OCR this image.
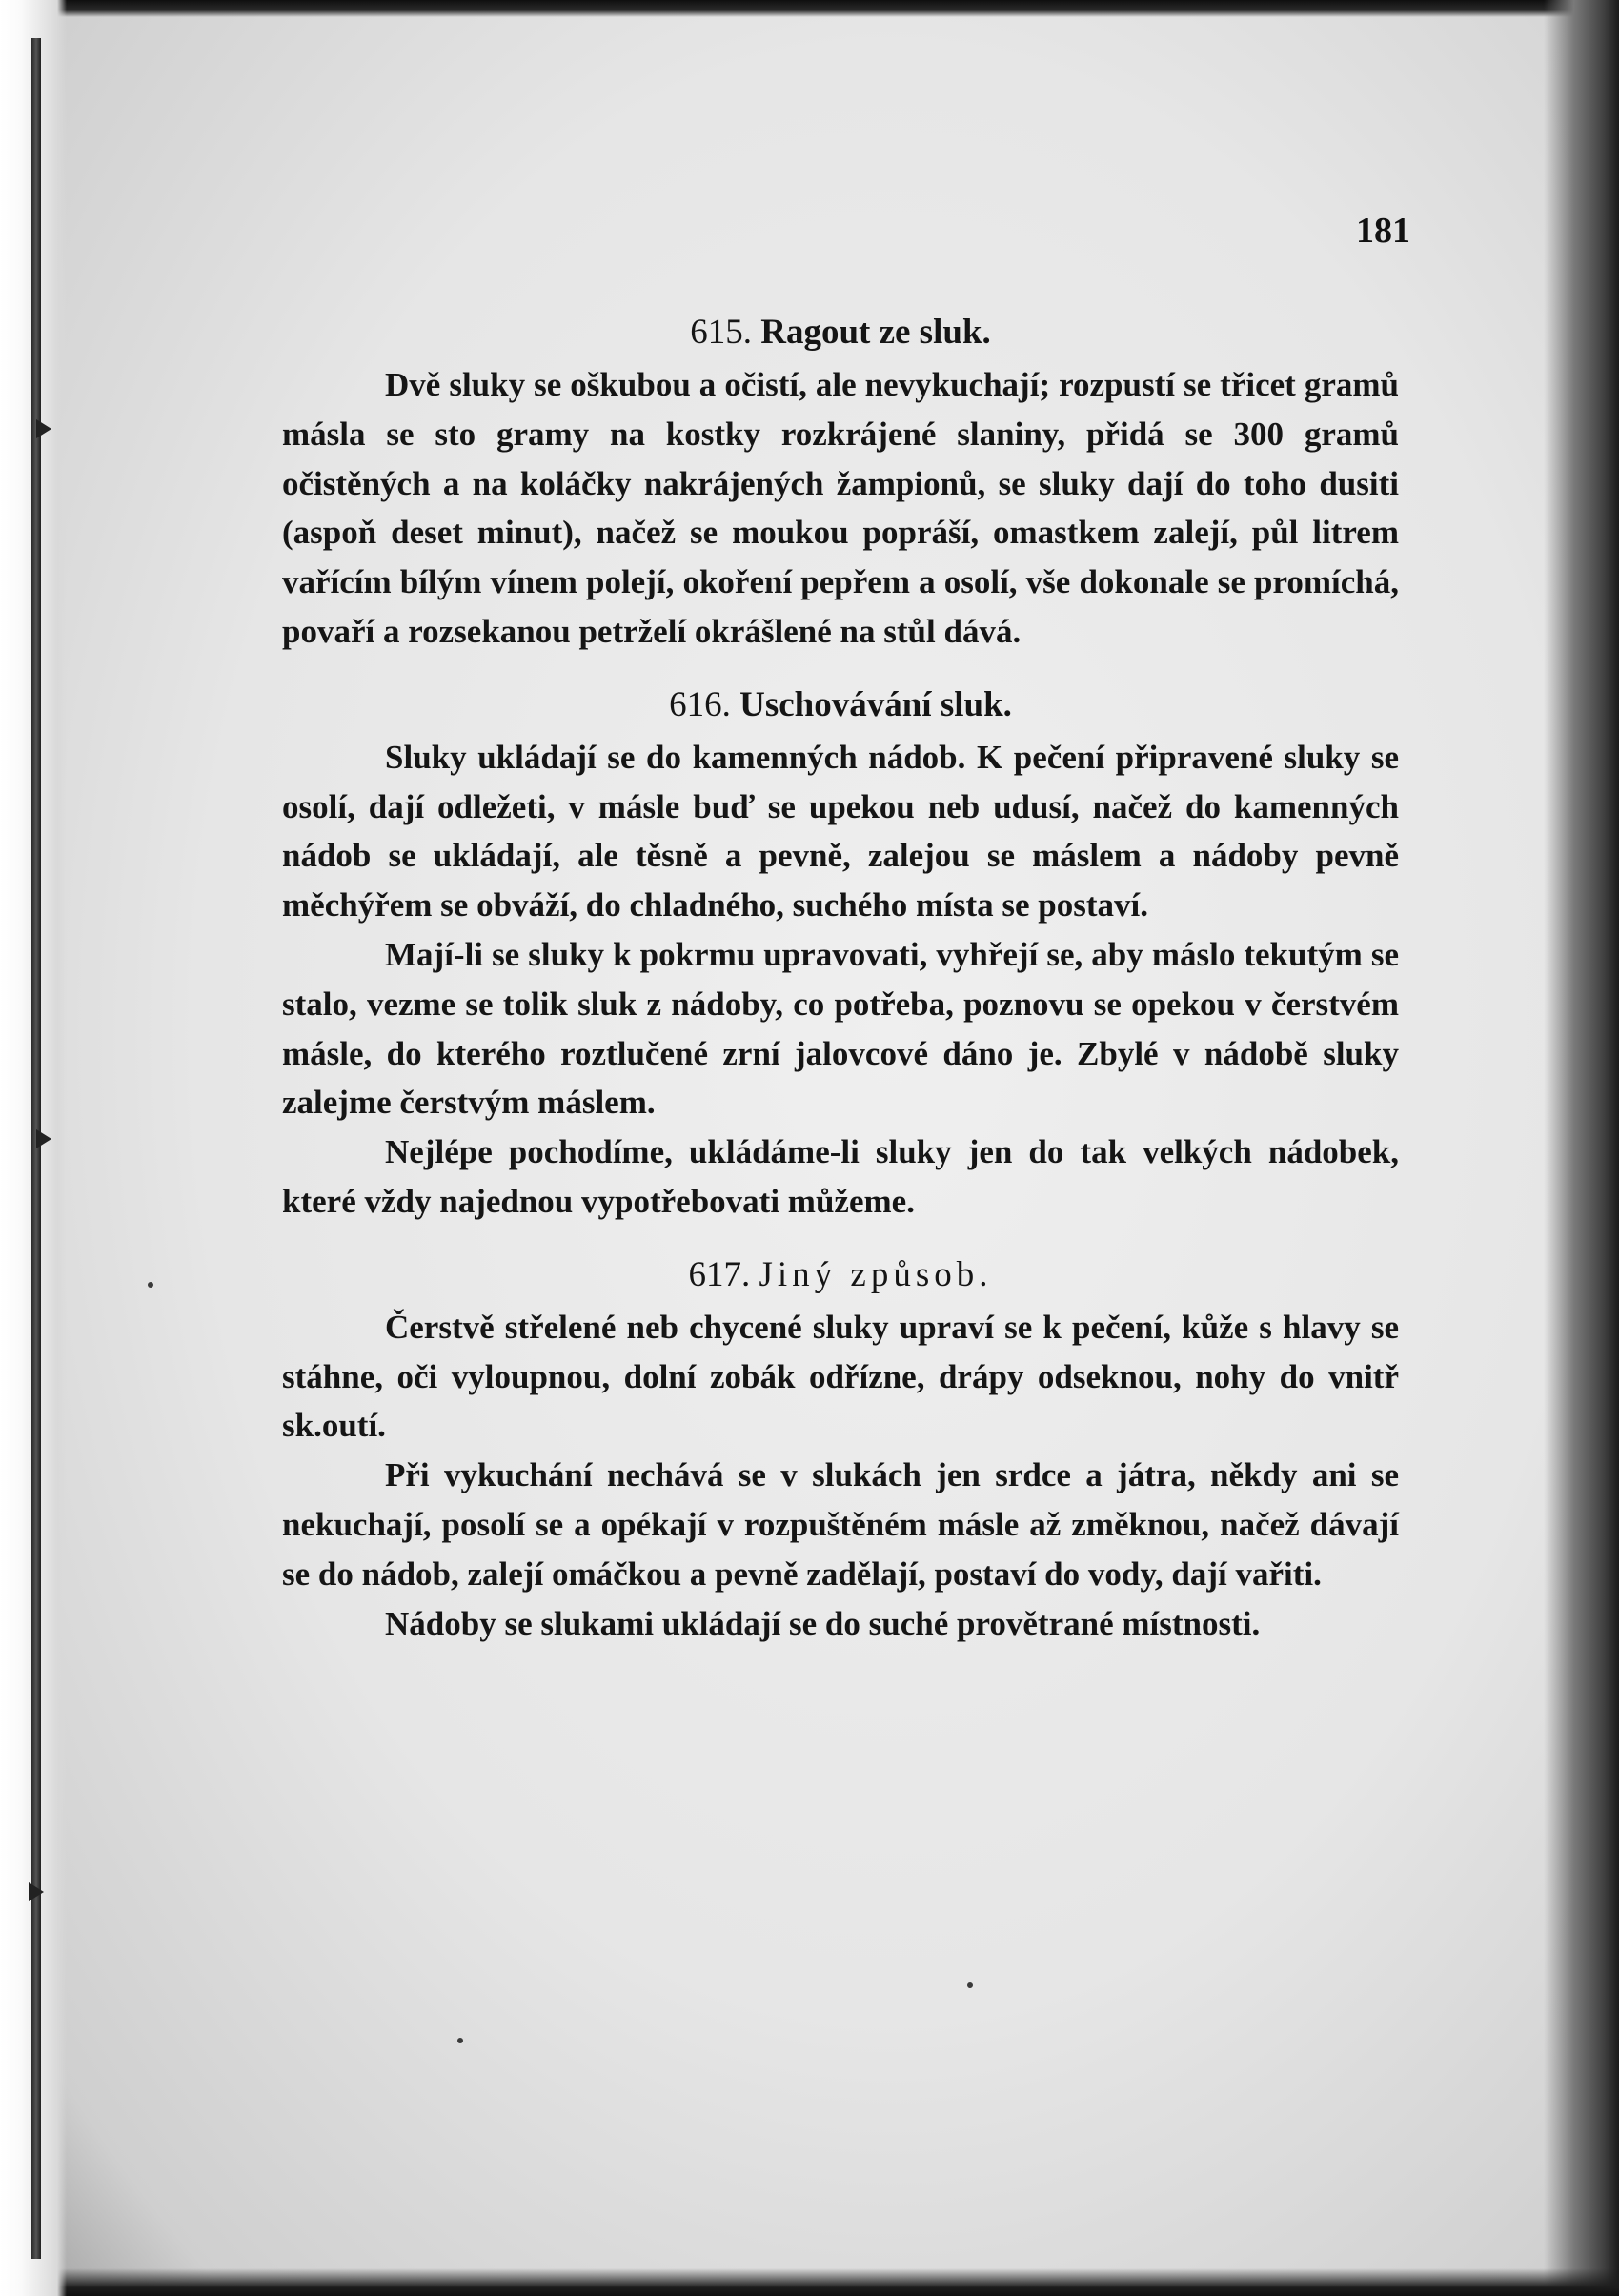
181
615. Ragout ze sluk.

Dvě sluky se oškubou a očistí, ale nevykuchají; rozpustí se třicet gramů másla se sto gramy na kostky rozkrájené slaniny, přidá se 300 gramů očistěných a na koláčky nakrájených žampionů, se sluky dají do toho dusiti (aspoň deset minut), načež se moukou popráší, omastkem zalejí, půl litrem vařícím bílým vínem polejí, okoření pepřem a osolí, vše dokonale se promíchá, povaří a rozsekanou petrželí okrášlené na stůl dává.

616. Uschovávání sluk.

Sluky ukládají se do kamenných nádob. K pečení připravené sluky se osolí, dají odležeti, v másle buď se upekou neb udusí, načež do kamenných nádob se ukládají, ale těsně a pevně, zalejou se máslem a nádoby pevně měchýřem se obváží, do chladného, suchého místa se postaví.

Mají-li se sluky k pokrmu upravovati, vyhřejí se, aby máslo tekutým se stalo, vezme se tolik sluk z nádoby, co potřeba, poznovu se opekou v čerstvém másle, do kterého roztlučené zrní jalovcové dáno je. Zbylé v nádobě sluky zalejme čerstvým máslem.

Nejlépe pochodíme, ukládáme-li sluky jen do tak velkých nádobek, které vždy najednou vypotřebovati můžeme.

617. Jiný způsob.

Čerstvě střelené neb chycené sluky upraví se k pečení, kůže s hlavy se stáhne, oči vyloupnou, dolní zobák odřízne, drápy odseknou, nohy do vnitř sk.outí.

Při vykuchání nechává se v slukách jen srdce a játra, někdy ani se nekuchají, posolí se a opékají v rozpuštěném másle až změknou, načež dávají se do nádob, zalejí omáčkou a pevně zadělají, postaví do vody, dají vařiti.

Nádoby se slukami ukládají se do suché provětrané místnosti.
